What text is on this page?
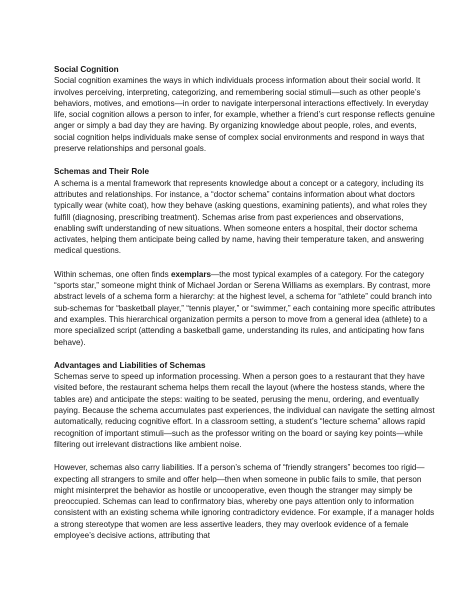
Social Cognition

Social cognition examines the ways in which individuals process information about their social world. It involves perceiving, interpreting, categorizing, and remembering social stimuli—such as other people’s behaviors, motives, and emotions—in order to navigate interpersonal interactions effectively. In everyday life, social cognition allows a person to infer, for example, whether a friend’s curt response reflects genuine anger or simply a bad day they are having. By organizing knowledge about people, roles, and events, social cognition helps individuals make sense of complex social environments and respond in ways that preserve relationships and personal goals.

Schemas and Their Role

A schema is a mental framework that represents knowledge about a concept or a category, including its attributes and relationships. For instance, a “doctor schema” contains information about what doctors typically wear (white coat), how they behave (asking questions, examining patients), and what roles they fulfill (diagnosing, prescribing treatment). Schemas arise from past experiences and observations, enabling swift understanding of new situations. When someone enters a hospital, their doctor schema activates, helping them anticipate being called by name, having their temperature taken, and answering medical questions.

Within schemas, one often finds exemplars—the most typical examples of a category. For the category “sports star,” someone might think of Michael Jordan or Serena Williams as exemplars. By contrast, more abstract levels of a schema form a hierarchy: at the highest level, a schema for “athlete” could branch into sub-schemas for “basketball player,” “tennis player,” or “swimmer,” each containing more specific attributes and examples. This hierarchical organization permits a person to move from a general idea (athlete) to a more specialized script (attending a basketball game, understanding its rules, and anticipating how fans behave).

Advantages and Liabilities of Schemas

Schemas serve to speed up information processing. When a person goes to a restaurant that they have visited before, the restaurant schema helps them recall the layout (where the hostess stands, where the tables are) and anticipate the steps: waiting to be seated, perusing the menu, ordering, and eventually paying. Because the schema accumulates past experiences, the individual can navigate the setting almost automatically, reducing cognitive effort. In a classroom setting, a student’s “lecture schema” allows rapid recognition of important stimuli—such as the professor writing on the board or saying key points—while filtering out irrelevant distractions like ambient noise.

However, schemas also carry liabilities. If a person’s schema of “friendly strangers” becomes too rigid—expecting all strangers to smile and offer help—then when someone in public fails to smile, that person might misinterpret the behavior as hostile or uncooperative, even though the stranger may simply be preoccupied. Schemas can lead to confirmatory bias, whereby one pays attention only to information consistent with an existing schema while ignoring contradictory evidence. For example, if a manager holds a strong stereotype that women are less assertive leaders, they may overlook evidence of a female employee’s decisive actions, attributing that
